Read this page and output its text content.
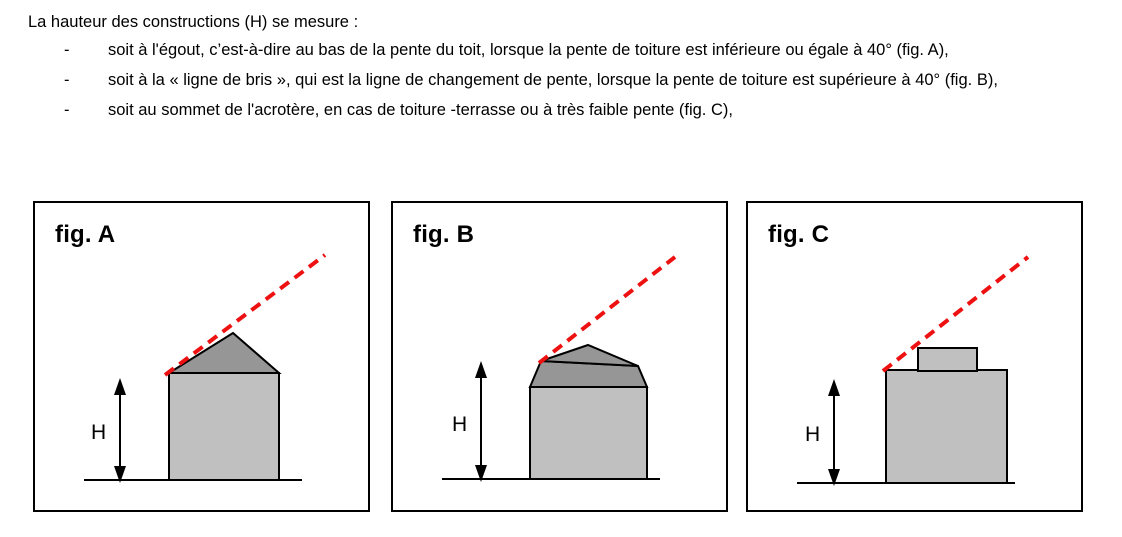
La hauteur des constructions (H) se mesure :
- soit à l'égout, c’est-à-dire au bas de la pente du toit, lorsque la pente de toiture est inférieure ou égale à 40° (fig. A),
- soit à la « ligne de bris », qui est la ligne de changement de pente, lorsque la pente de toiture est supérieure à 40° (fig. B),
- soit au sommet de l'acrotère, en cas de toiture -terrasse ou à très faible pente (fig. C),
fig. A
H
fig. B
H
fig. C
H
